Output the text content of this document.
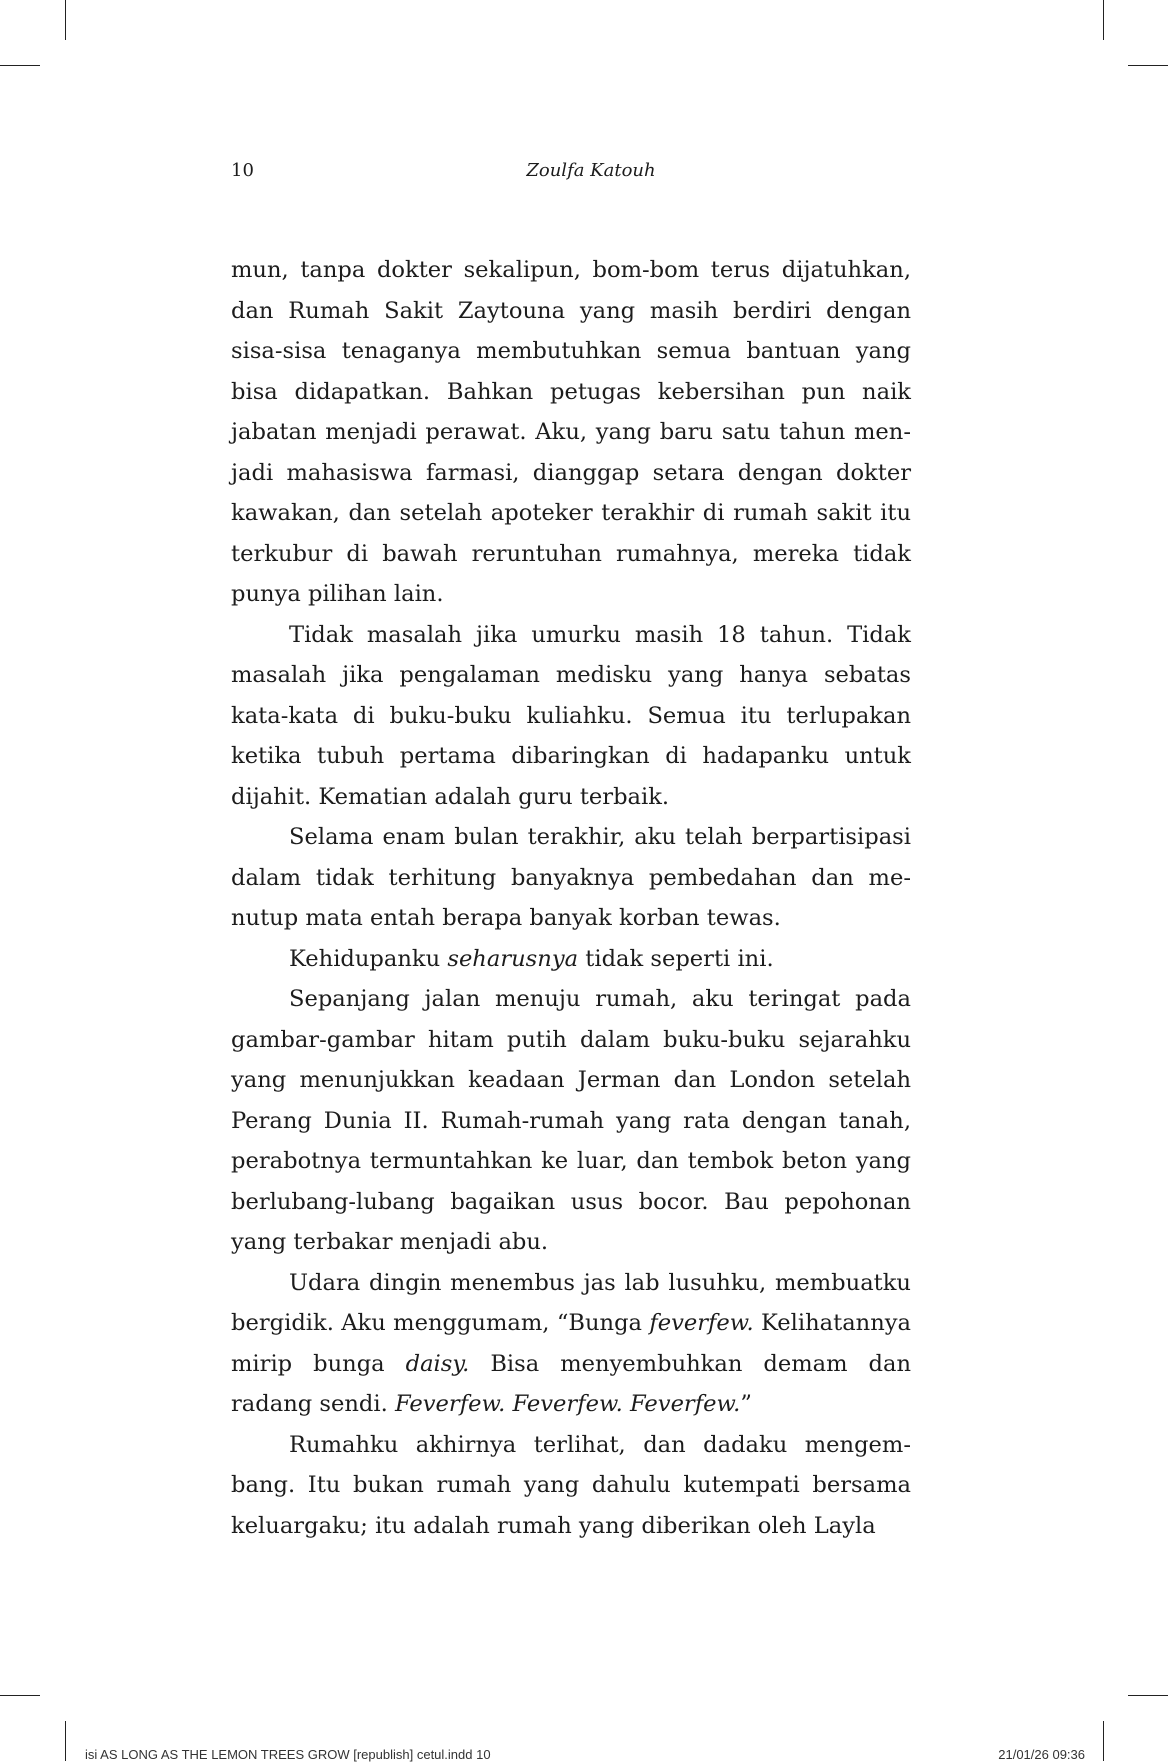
10	Zoulfa Katouh

mun, tanpa dokter sekalipun, bom-bom terus dijatuhkan, dan Rumah Sakit Zaytouna yang masih berdiri dengan sisa-sisa tenaganya membutuhkan semua bantuan yang bisa didapatkan. Bahkan petugas kebersihan pun naik jabatan menjadi perawat. Aku, yang baru satu tahun menjadi mahasiswa farmasi, dianggap setara dengan dokter kawakan, dan setelah apoteker terakhir di rumah sakit itu terkubur di bawah reruntuhan rumahnya, mereka tidak punya pilihan lain.

Tidak masalah jika umurku masih 18 tahun. Tidak masalah jika pengalaman medisku yang hanya sebatas kata-kata di buku-buku kuliahku. Semua itu terlupakan ketika tubuh pertama dibaringkan di hadapanku untuk dijahit. Kematian adalah guru terbaik.

Selama enam bulan terakhir, aku telah berpartisipasi dalam tidak terhitung banyaknya pembedahan dan menutup mata entah berapa banyak korban tewas.

Kehidupanku seharusnya tidak seperti ini.

Sepanjang jalan menuju rumah, aku teringat pada gambar-gambar hitam putih dalam buku-buku sejarahku yang menunjukkan keadaan Jerman dan London setelah Perang Dunia II. Rumah-rumah yang rata dengan tanah, perabotnya termuntahkan ke luar, dan tembok beton yang berlubang-lubang bagaikan usus bocor. Bau pepohonan yang terbakar menjadi abu.

Udara dingin menembus jas lab lusuhku, membuatku bergidik. Aku menggumam, “Bunga feverfew. Kelihatannya mirip bunga daisy. Bisa menyembuhkan demam dan radang sendi. Feverfew. Feverfew. Feverfew.”

Rumahku akhirnya terlihat, dan dadaku mengembang. Itu bukan rumah yang dahulu kutempati bersama keluargaku; itu adalah rumah yang diberikan oleh Layla

isi AS LONG AS THE LEMON TREES GROW [republish] cetul.indd 10	21/01/26 09:36
